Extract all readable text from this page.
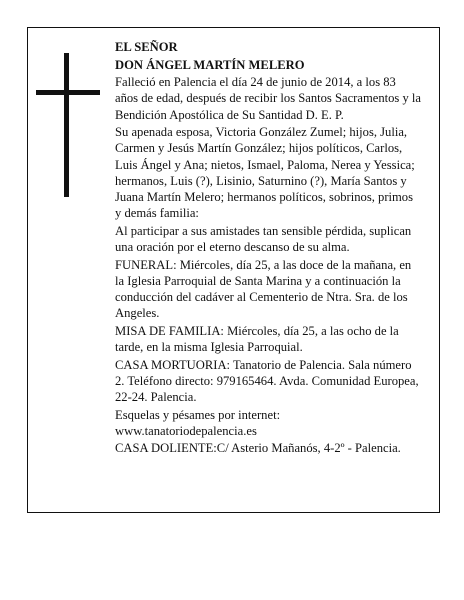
EL SEÑOR

DON ÁNGEL MARTÍN MELERO

Falleció en Palencia el día 24 de junio de 2014, a los 83 años de edad, después de recibir los Santos Sacramentos y la Bendición Apostólica de Su Santidad D. E. P.

Su apenada esposa, Victoria González Zumel; hijos, Julia, Carmen y Jesús Martín González; hijos políticos, Carlos, Luis Ángel y Ana; nietos, Ismael, Paloma, Nerea y Yessica; hermanos, Luis (?), Lisinio, Saturnino (?), María Santos y Juana Martín Melero; hermanos políticos, sobrinos, primos y demás familia:

Al participar a sus amistades tan sensible pérdida, suplican una oración por el eterno descanso de su alma.

FUNERAL: Miércoles, día 25, a las doce de la mañana, en la Iglesia Parroquial de Santa Marina y a continuación la conducción del cadáver al Cementerio de Ntra. Sra. de los Angeles.

MISA DE FAMILIA: Miércoles, día 25, a las ocho de la tarde, en la misma Iglesia Parroquial.

CASA MORTUORIA: Tanatorio de Palencia. Sala número 2. Teléfono directo: 979165464. Avda. Comunidad Europea, 22-24. Palencia.

Esquelas y pésames por internet: www.tanatoriodepalencia.es

CASA DOLIENTE:C/ Asterio Mañanós, 4-2º - Palencia.
